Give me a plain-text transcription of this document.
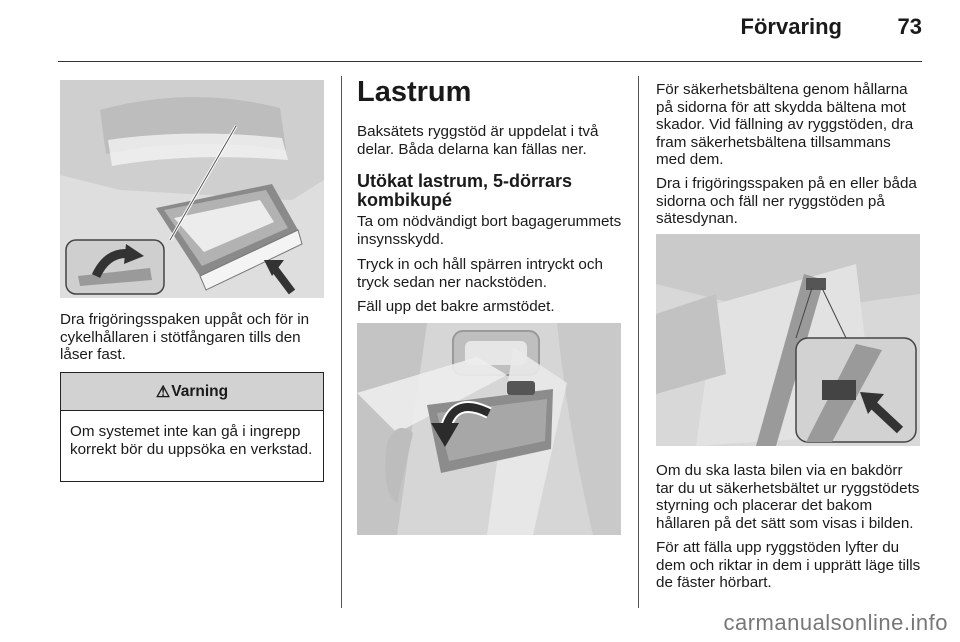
Förvaring	73
Dra frigöringsspaken uppåt och för in cykelhållaren i stötfångaren tills den låser fast.
⚠ Varning
Om systemet inte kan gå i ingrepp korrekt bör du uppsöka en verkstad.
Lastrum
Baksätets ryggstöd är uppdelat i två delar. Båda delarna kan fällas ner.
Utökat lastrum, 5-dörrars kombikupé
Ta om nödvändigt bort bagagerummets insynsskydd.
Tryck in och håll spärren intryckt och tryck sedan ner nackstöden.
Fäll upp det bakre armstödet.
För säkerhetsbältena genom hållarna på sidorna för att skydda bältena mot skador. Vid fällning av ryggstöden, dra fram säkerhetsbältena tillsammans med dem.
Dra i frigöringsspaken på en eller båda sidorna och fäll ner ryggstöden på sätesdynan.
Om du ska lasta bilen via en bakdörr tar du ut säkerhetsbältet ur ryggstödets styrning och placerar det bakom hållaren på det sätt som visas i bilden.
För att fälla upp ryggstöden lyfter du dem och riktar in dem i upprätt läge tills de fäster hörbart.
carmanualsonline.info
